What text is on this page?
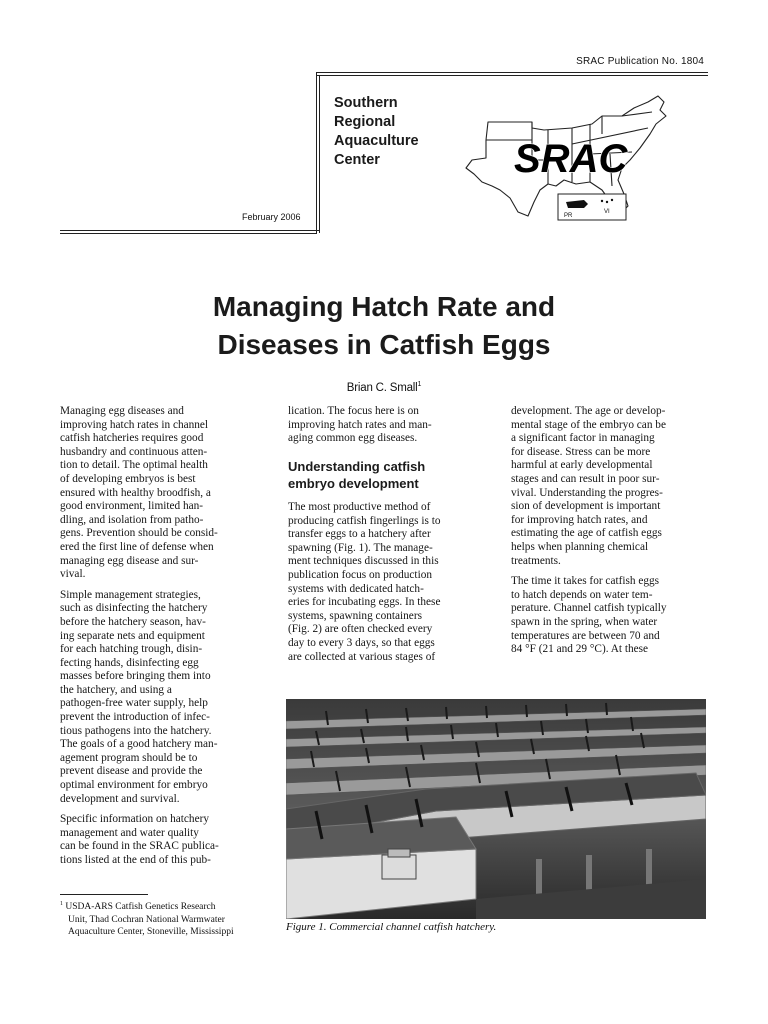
SRAC Publication No. 1804
Southern
Regional
Aquaculture
Center
February 2006
SRAC
PR
VI
Managing Hatch Rate and
Diseases in Catfish Eggs
Brian C. Small$^1$

Managing egg diseases and
improving hatch rates in channel
catfish hatcheries requires good
husbandry and continuous atten-
tion to detail. The optimal health
of developing embryos is best
ensured with healthy broodfish, a
good environment, limited han-
dling, and isolation from patho-
gens. Prevention should be consid-
ered the first line of defense when
managing egg disease and sur-
vival.

Simple management strategies,
such as disinfecting the hatchery
before the hatchery season, hav-
ing separate nets and equipment
for each hatching trough, disin-
fecting hands, disinfecting egg
masses before bringing them into
the hatchery, and using a
pathogen-free water supply, help
prevent the introduction of infec-
tious pathogens into the hatchery.
The goals of a good hatchery man-
agement program should be to
prevent disease and provide the
optimal environment for embryo
development and survival.

Specific information on hatchery
management and water quality
can be found in the SRAC publica-
tions listed at the end of this pub-

$^1$ USDA-ARS Catfish Genetics Research
Unit, Thad Cochran National Warmwater
Aquaculture Center, Stoneville, Mississippi

lication. The focus here is on
improving hatch rates and man-
aging common egg diseases.

Understanding catfish
embryo development

The most productive method of
producing catfish fingerlings is to
transfer eggs to a hatchery after
spawning (Fig. 1). The manage-
ment techniques discussed in this
publication focus on production
systems with dedicated hatch-
eries for incubating eggs. In these
systems, spawning containers
(Fig. 2) are often checked every
day to every 3 days, so that eggs
are collected at various stages of

development. The age or develop-
mental stage of the embryo can be
a significant factor in managing
for disease. Stress can be more
harmful at early developmental
stages and can result in poor sur-
vival. Understanding the progres-
sion of development is important
for improving hatch rates, and
estimating the age of catfish eggs
helps when planning chemical
treatments.

The time it takes for catfish eggs
to hatch depends on water tem-
perature. Channel catfish typically
spawn in the spring, when water
temperatures are between 70 and
84 °F (21 and 29 °C). At these

Figure 1. Commercial channel catfish hatchery.
